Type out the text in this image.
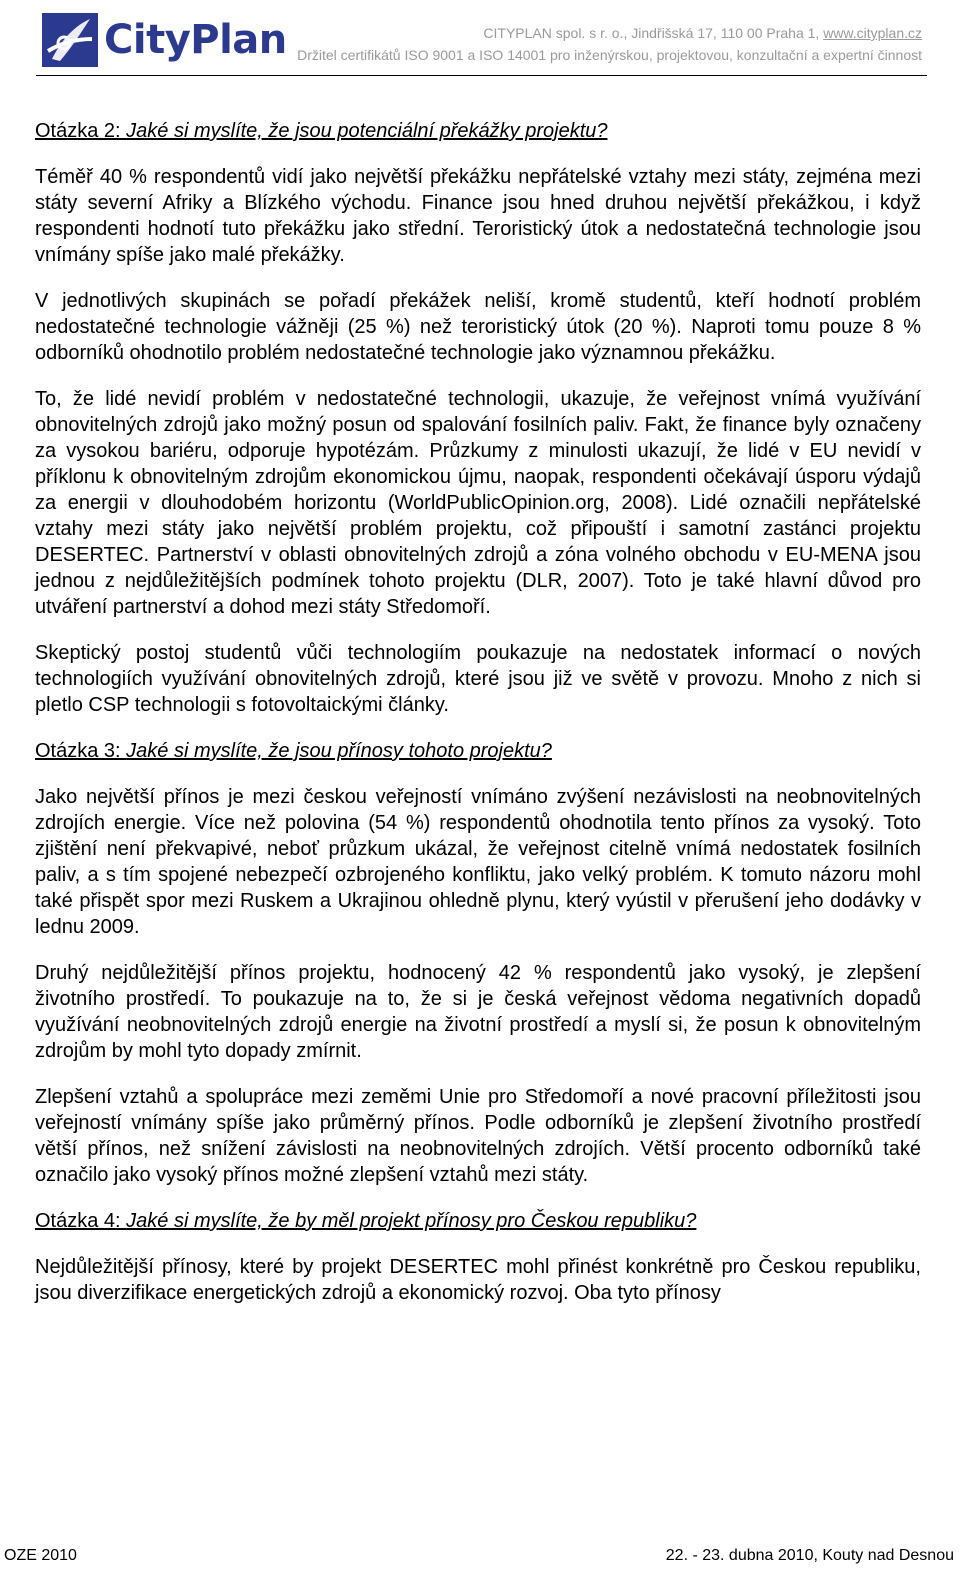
CityPlan	CITYPLAN spol. s r. o., Jindřišská 17, 110 00 Praha 1, www.cityplan.cz
Držitel certifikátů ISO 9001 a ISO 14001 pro inženýrskou, projektovou, konzultační a expertní činnost
Otázka 2: Jaké si myslíte, že jsou potenciální překážky projektu?

Téměř 40 % respondentů vidí jako největší překážku nepřátelské vztahy mezi státy, zejména mezi státy severní Afriky a Blízkého východu. Finance jsou hned druhou největší překážkou, i když respondenti hodnotí tuto překážku jako střední. Teroristický útok a nedostatečná technologie jsou vnímány spíše jako malé překážky.

V jednotlivých skupinách se pořadí překážek neliší, kromě studentů, kteří hodnotí problém nedostatečné technologie vážněji (25 %) než teroristický útok (20 %). Naproti tomu pouze 8 % odborníků ohodnotilo problém nedostatečné technologie jako významnou překážku.

To, že lidé nevidí problém v nedostatečné technologii, ukazuje, že veřejnost vnímá využívání obnovitelných zdrojů jako možný posun od spalování fosilních paliv. Fakt, že finance byly označeny za vysokou bariéru, odporuje hypotézám. Průzkumy z minulosti ukazují, že lidé v EU nevidí v příklonu k obnovitelným zdrojům ekonomickou újmu, naopak, respondenti očekávají úsporu výdajů za energii v dlouhodobém horizontu (WorldPublicOpinion.org, 2008). Lidé označili nepřátelské vztahy mezi státy jako největší problém projektu, což připouští i samotní zastánci projektu DESERTEC. Partnerství v oblasti obnovitelných zdrojů a zóna volného obchodu v EU-MENA jsou jednou z nejdůležitějších podmínek tohoto projektu (DLR, 2007). Toto je také hlavní důvod pro utváření partnerství a dohod mezi státy Středomoří.

Skeptický postoj studentů vůči technologiím poukazuje na nedostatek informací o nových technologiích využívání obnovitelných zdrojů, které jsou již ve světě v provozu. Mnoho z nich si pletlo CSP technologii s fotovoltaickými články.

Otázka 3: Jaké si myslíte, že jsou přínosy tohoto projektu?

Jako největší přínos je mezi českou veřejností vnímáno zvýšení nezávislosti na neobnovitelných zdrojích energie. Více než polovina (54 %) respondentů ohodnotila tento přínos za vysoký. Toto zjištění není překvapivé, neboť průzkum ukázal, že veřejnost citelně vnímá nedostatek fosilních paliv, a s tím spojené nebezpečí ozbrojeného konfliktu, jako velký problém. K tomuto názoru mohl také přispět spor mezi Ruskem a Ukrajinou ohledně plynu, který vyústil v přerušení jeho dodávky v lednu 2009.

Druhý nejdůležitější přínos projektu, hodnocený 42 % respondentů jako vysoký, je zlepšení životního prostředí. To poukazuje na to, že si je česká veřejnost vědoma negativních dopadů využívání neobnovitelných zdrojů energie na životní prostředí a myslí si, že posun k obnovitelným zdrojům by mohl tyto dopady zmírnit.

Zlepšení vztahů a spolupráce mezi zeměmi Unie pro Středomoří a nové pracovní příležitosti jsou veřejností vnímány spíše jako průměrný přínos. Podle odborníků je zlepšení životního prostředí větší přínos, než snížení závislosti na neobnovitelných zdrojích. Větší procento odborníků také označilo jako vysoký přínos možné zlepšení vztahů mezi státy.

Otázka 4: Jaké si myslíte, že by měl projekt přínosy pro Českou republiku?

Nejdůležitější přínosy, které by projekt DESERTEC mohl přinést konkrétně pro Českou republiku, jsou diverzifikace energetických zdrojů a ekonomický rozvoj. Oba tyto přínosy

OZE 2010	22. - 23. dubna 2010, Kouty nad Desnou
